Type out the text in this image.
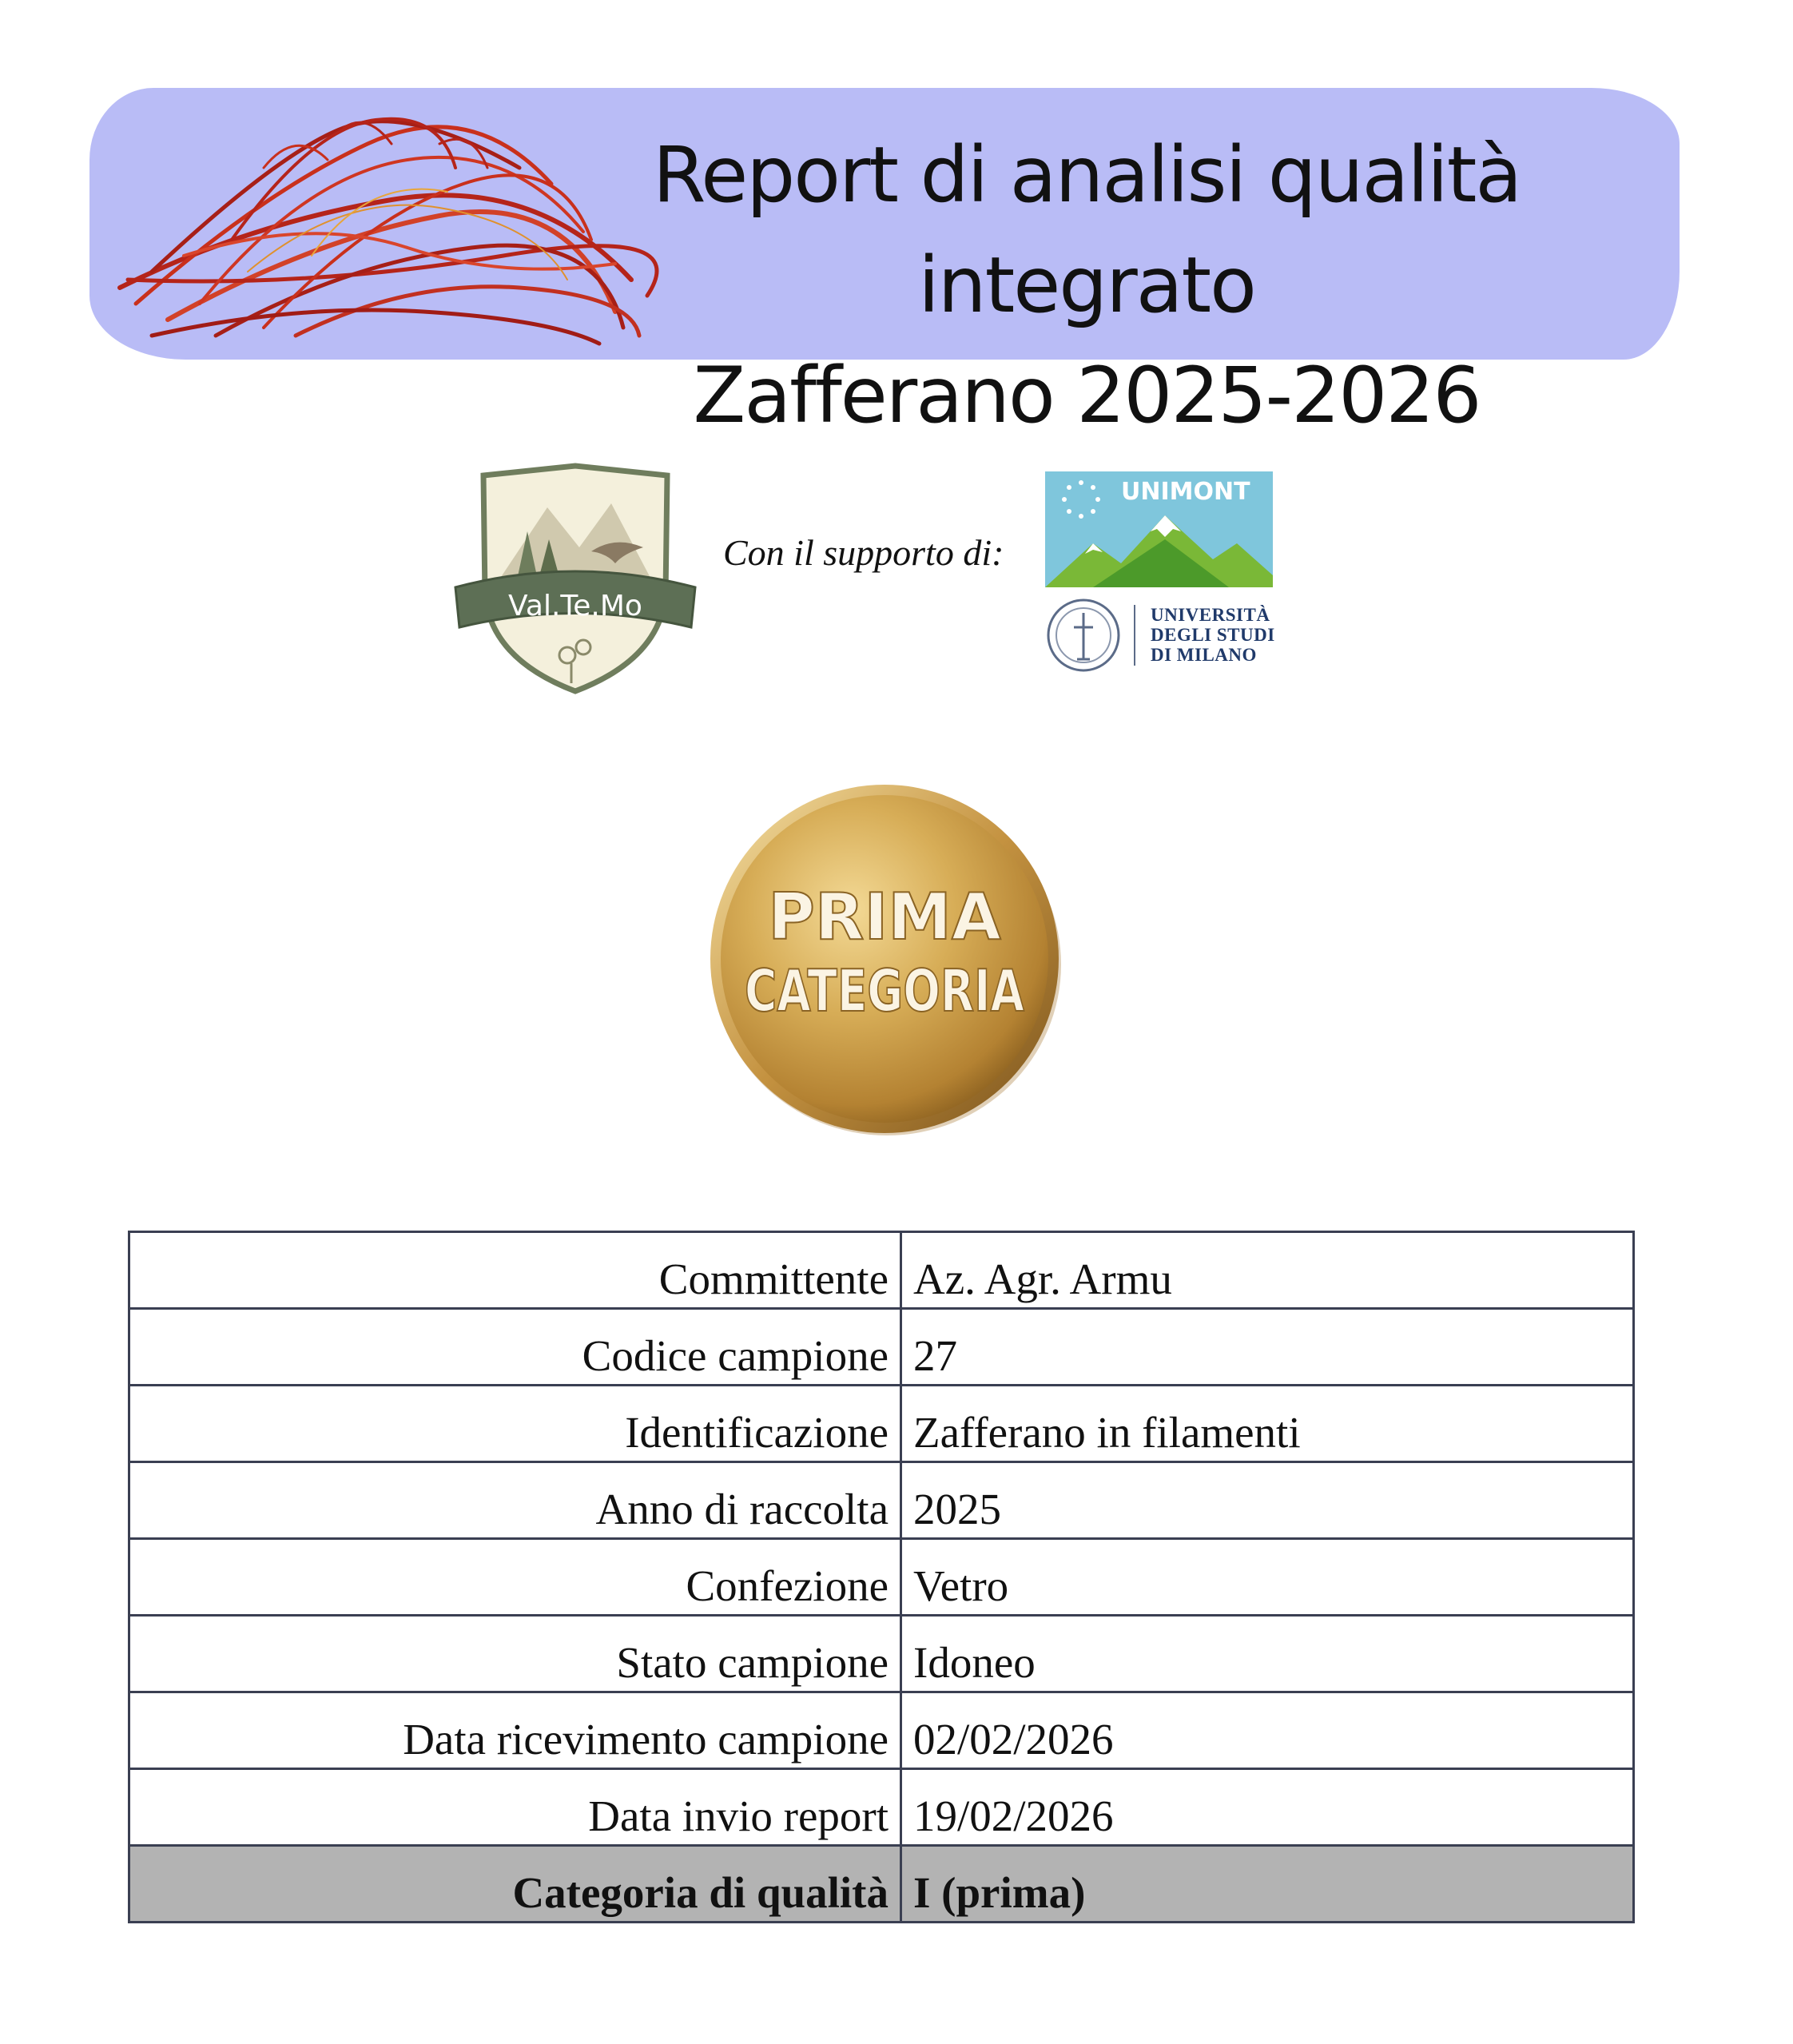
Report di analisi qualità integrato
Zafferano 2025-2026
Val.Te.Mo
Con il supporto di:
UNIMONT
UNIVERSITÀ
DEGLI STUDI
DI MILANO
PRIMA
CATEGORIA
Committente	Az. Agr. Armu
Codice campione	27
Identificazione	Zafferano in filamenti
Anno di raccolta	2025
Confezione	Vetro
Stato campione	Idoneo
Data ricevimento campione	02/02/2026
Data invio report	19/02/2026
Categoria di qualità	I (prima)
